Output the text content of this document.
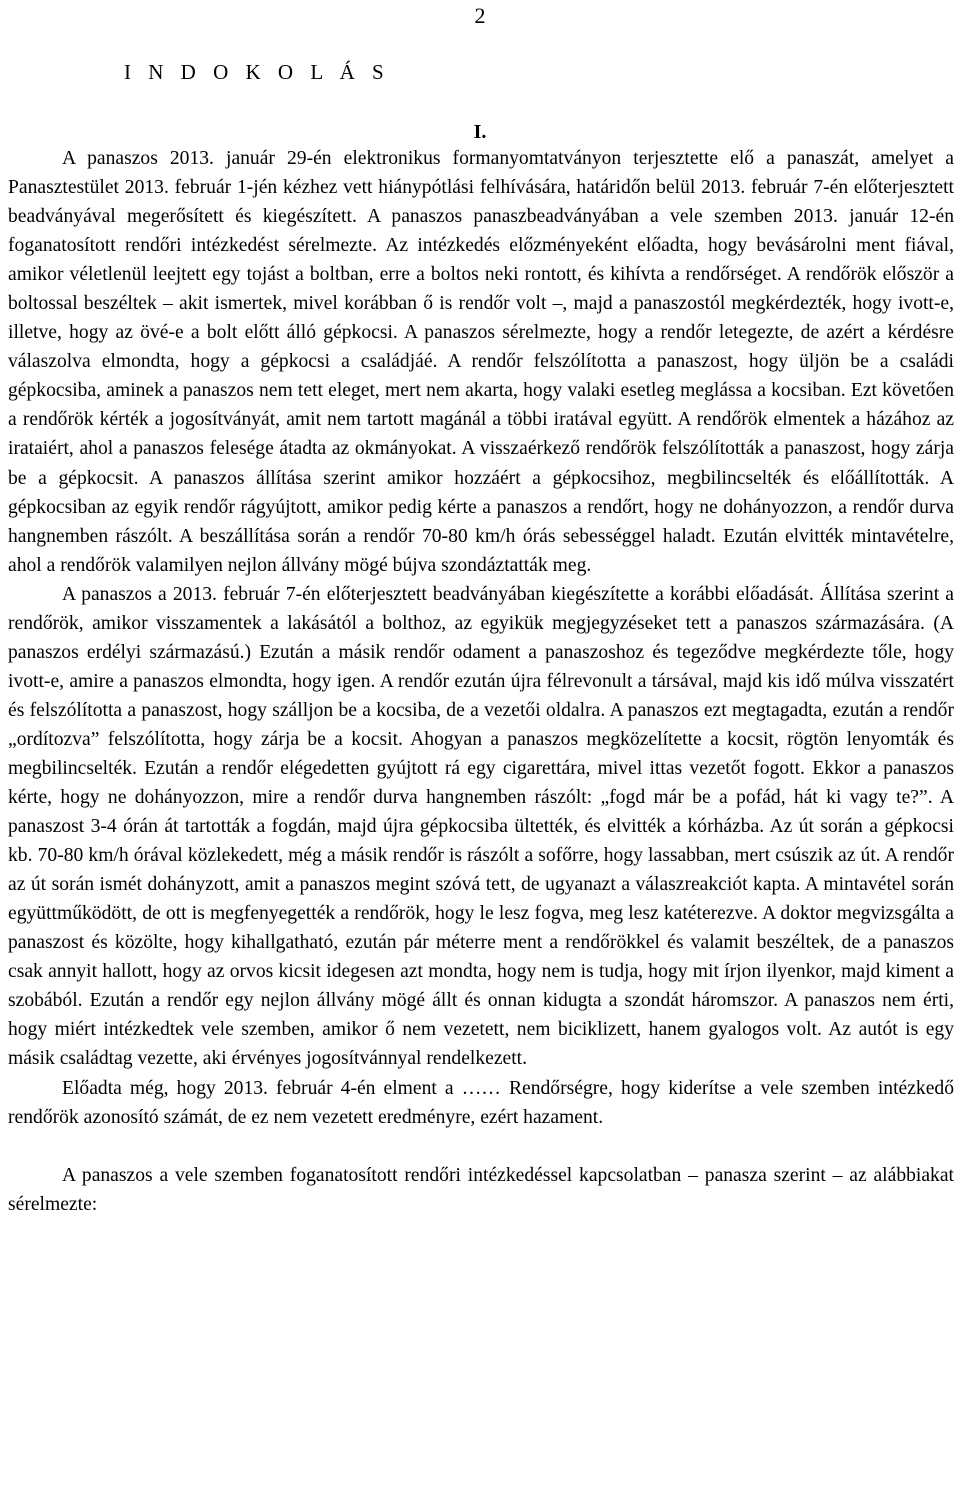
2
I N D O K O L Á S
I.

A panaszos 2013. január 29-én elektronikus formanyomtatványon terjesztette elő a panaszát, amelyet a Panasztestület 2013. február 1-jén kézhez vett hiánypótlási felhívására, határidőn belül 2013. február 7-én előterjesztett beadványával megerősített és kiegészített. A panaszos panaszbeadványában a vele szemben 2013. január 12-én foganatosított rendőri intézkedést sérelmezte. Az intézkedés előzményeként előadta, hogy bevásárolni ment fiával, amikor véletlenül leejtett egy tojást a boltban, erre a boltos neki rontott, és kihívta a rendőrséget. A rendőrök először a boltossal beszéltek – akit ismertek, mivel korábban ő is rendőr volt –, majd a panaszostól megkérdezték, hogy ivott-e, illetve, hogy az övé-e a bolt előtt álló gépkocsi. A panaszos sérelmezte, hogy a rendőr letegezte, de azért a kérdésre válaszolva elmondta, hogy a gépkocsi a családjáé. A rendőr felszólította a panaszost, hogy üljön be a családi gépkocsiba, aminek a panaszos nem tett eleget, mert nem akarta, hogy valaki esetleg meglássa a kocsiban. Ezt követően a rendőrök kérték a jogosítványát, amit nem tartott magánál a többi iratával együtt. A rendőrök elmentek a házához az irataiért, ahol a panaszos felesége átadta az okmányokat. A visszaérkező rendőrök felszólították a panaszost, hogy zárja be a gépkocsit. A panaszos állítása szerint amikor hozzáért a gépkocsihoz, megbilincselték és előállították. A gépkocsiban az egyik rendőr rágyújtott, amikor pedig kérte a panaszos a rendőrt, hogy ne dohányozzon, a rendőr durva hangnemben rászólt. A beszállítása során a rendőr 70-80 km/h órás sebességgel haladt. Ezután elvitték mintavételre, ahol a rendőrök valamilyen nejlon állvány mögé bújva szondáztatták meg.

A panaszos a 2013. február 7-én előterjesztett beadványában kiegészítette a korábbi előadását. Állítása szerint a rendőrök, amikor visszamentek a lakásától a bolthoz, az egyikük megjegyzéseket tett a panaszos származására. (A panaszos erdélyi származású.) Ezután a másik rendőr odament a panaszoshoz és tegeződve megkérdezte tőle, hogy ivott-e, amire a panaszos elmondta, hogy igen. A rendőr ezután újra félrevonult a társával, majd kis idő múlva visszatért és felszólította a panaszost, hogy szálljon be a kocsiba, de a vezetői oldalra. A panaszos ezt megtagadta, ezután a rendőr „ordítozva” felszólította, hogy zárja be a kocsit. Ahogyan a panaszos megközelítette a kocsit, rögtön lenyomták és megbilincselték. Ezután a rendőr elégedetten gyújtott rá egy cigarettára, mivel ittas vezetőt fogott. Ekkor a panaszos kérte, hogy ne dohányozzon, mire a rendőr durva hangnemben rászólt: „fogd már be a pofád, hát ki vagy te?”. A panaszost 3-4 órán át tartották a fogdán, majd újra gépkocsiba ültették, és elvitték a kórházba. Az út során a gépkocsi kb. 70-80 km/h órával közlekedett, még a másik rendőr is rászólt a sofőrre, hogy lassabban, mert csúszik az út. A rendőr az út során ismét dohányzott, amit a panaszos megint szóvá tett, de ugyanazt a válaszreakciót kapta. A mintavétel során együttműködött, de ott is megfenyegették a rendőrök, hogy le lesz fogva, meg lesz katéterezve. A doktor megvizsgálta a panaszost és közölte, hogy kihallgatható, ezután pár méterre ment a rendőrökkel és valamit beszéltek, de a panaszos csak annyit hallott, hogy az orvos kicsit idegesen azt mondta, hogy nem is tudja, hogy mit írjon ilyenkor, majd kiment a szobából. Ezután a rendőr egy nejlon állvány mögé állt és onnan kidugta a szondát háromszor. A panaszos nem érti, hogy miért intézkedtek vele szemben, amikor ő nem vezetett, nem biciklizett, hanem gyalogos volt. Az autót is egy másik családtag vezette, aki érvényes jogosítvánnyal rendelkezett.

Előadta még, hogy 2013. február 4-én elment a …… Rendőrségre, hogy kiderítse a vele szemben intézkedő rendőrök azonosító számát, de ez nem vezetett eredményre, ezért hazament.

A panaszos a vele szemben foganatosított rendőri intézkedéssel kapcsolatban – panasza szerint – az alábbiakat sérelmezte:
